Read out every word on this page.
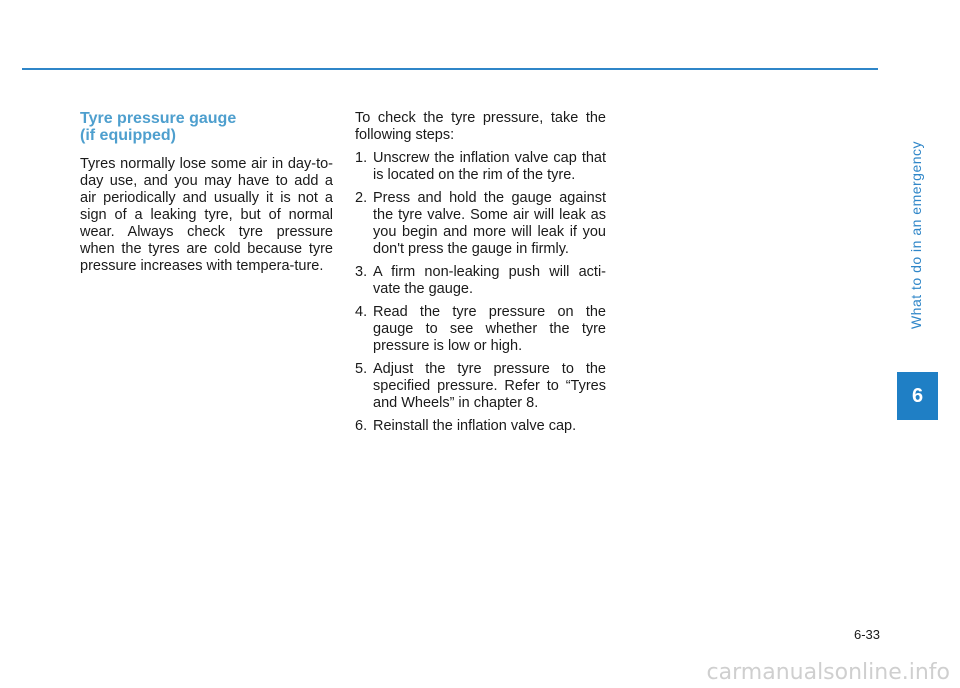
Tyre pressure gauge
(if equipped)

Tyres normally lose some air in day-to-day use, and you may have to add a air periodically and usually it is not a sign of a leaking tyre, but of normal wear. Always check tyre pressure when the tyres are cold because tyre pressure increases with tempera-ture.

To check the tyre pressure, take the following steps:

1. Unscrew the inflation valve cap that is located on the rim of the tyre.
2. Press and hold the gauge against the tyre valve. Some air will leak as you begin and more will leak if you don't press the gauge in firmly.
3. A firm non-leaking push will acti-vate the gauge.
4. Read the tyre pressure on the gauge to see whether the tyre pressure is low or high.
5. Adjust the tyre pressure to the specified pressure. Refer to “Tyres and Wheels” in chapter 8.
6. Reinstall the inflation valve cap.
What to do in an emergency
6
6-33
carmanualsonline.info
